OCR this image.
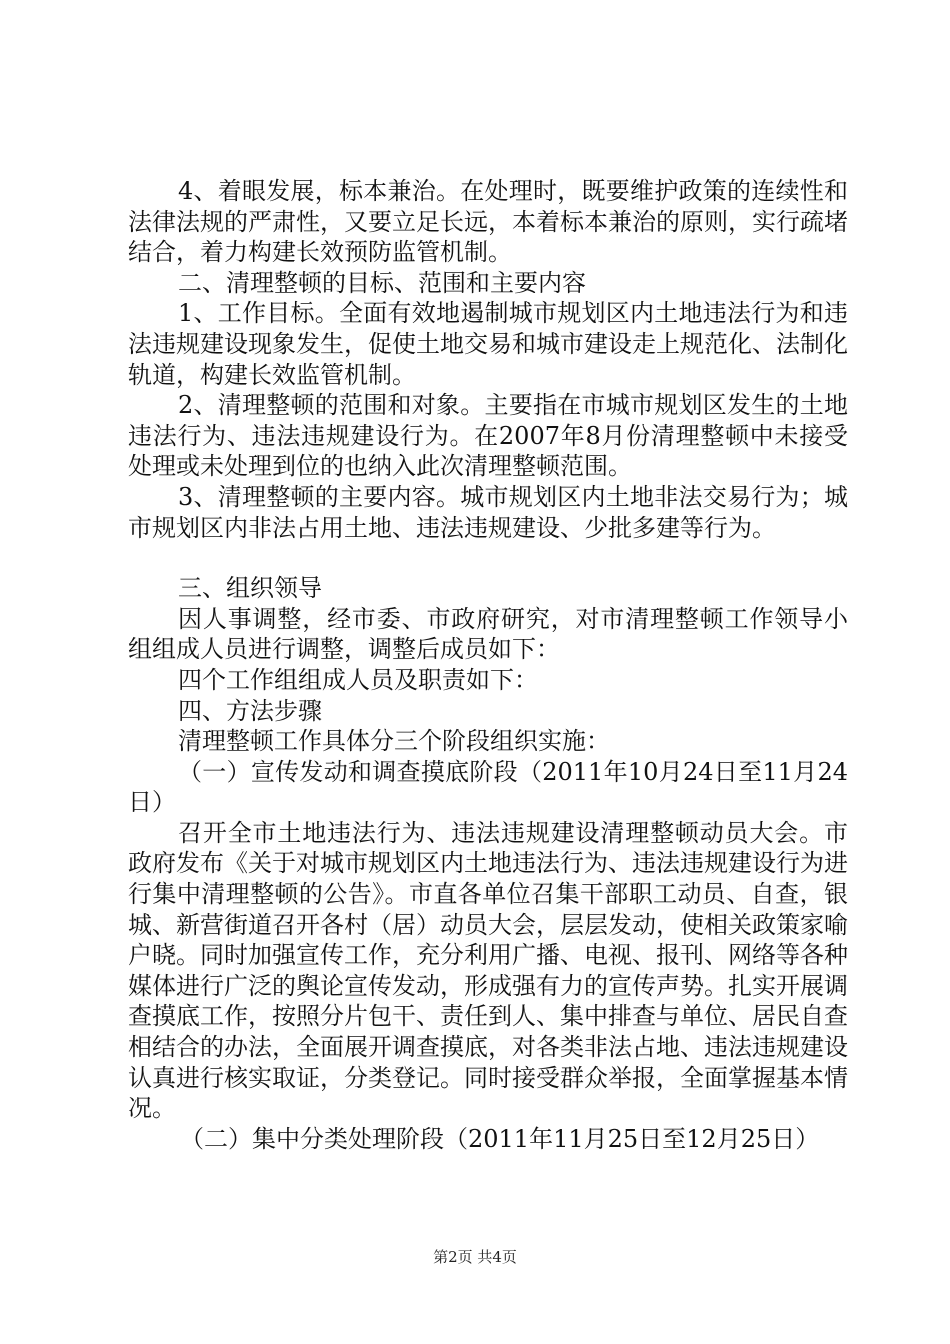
4、着眼发展，标本兼治。在处理时，既要维护政策的连续性和法律法规的严肃性，又要立足长远，本着标本兼治的原则，实行疏堵结合，着力构建长效预防监管机制。

二、清理整顿的目标、范围和主要内容

1、工作目标。全面有效地遏制城市规划区内土地违法行为和违法违规建设现象发生，促使土地交易和城市建设走上规范化、法制化轨道，构建长效监管机制。

2、清理整顿的范围和对象。主要指在市城市规划区发生的土地违法行为、违法违规建设行为。在2007年8月份清理整顿中未接受处理或未处理到位的也纳入此次清理整顿范围。

3、清理整顿的主要内容。城市规划区内土地非法交易行为；城市规划区内非法占用土地、违法违规建设、少批多建等行为。

三、组织领导

因人事调整，经市委、市政府研究，对市清理整顿工作领导小组组成人员进行调整，调整后成员如下：

四个工作组组成人员及职责如下：

四、方法步骤

清理整顿工作具体分三个阶段组织实施：

（一）宣传发动和调查摸底阶段（2011年10月24日至11月24日）

召开全市土地违法行为、违法违规建设清理整顿动员大会。市政府发布《关于对城市规划区内土地违法行为、违法违规建设行为进行集中清理整顿的公告》。市直各单位召集干部职工动员、自查，银城、新营街道召开各村（居）动员大会，层层发动，使相关政策家喻户晓。同时加强宣传工作，充分利用广播、电视、报刊、网络等各种媒体进行广泛的舆论宣传发动，形成强有力的宣传声势。扎实开展调查摸底工作，按照分片包干、责任到人、集中排查与单位、居民自查相结合的办法，全面展开调查摸底，对各类非法占地、违法违规建设认真进行核实取证，分类登记。同时接受群众举报，全面掌握基本情况。

（二）集中分类处理阶段（2011年11月25日至12月25日）

第2页 共4页
